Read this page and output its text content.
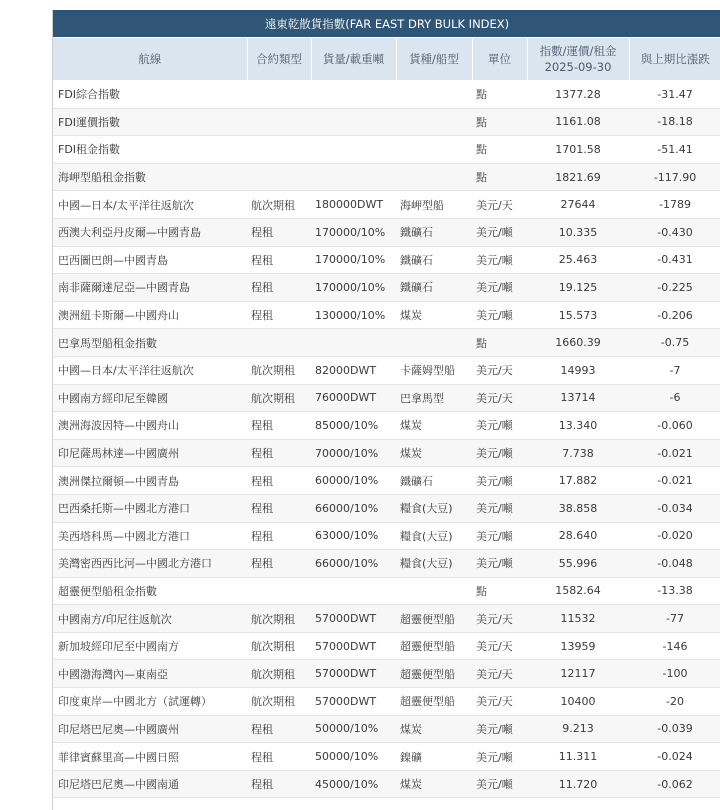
遠東乾散貨指數(FAR EAST DRY BULK INDEX)
航線	合約類型	貨量/載重噸	貨種/船型	單位	指數/運價/租金
2025-09-30	與上期比漲跌
FDI綜合指數				點	1377.28	-31.47
FDI運價指數				點	1161.08	-18.18
FDI租金指數				點	1701.58	-51.41
海岬型船租金指數				點	1821.69	-117.90
中國—日本/太平洋往返航次	航次期租	180000DWT	海岬型船	美元/天	27644	-1789
西澳大利亞丹皮爾—中國青島	程租	170000/10%	鐵礦石	美元/噸	10.335	-0.430
巴西圖巴朗—中國青島	程租	170000/10%	鐵礦石	美元/噸	25.463	-0.431
南非薩爾達尼亞—中國青島	程租	170000/10%	鐵礦石	美元/噸	19.125	-0.225
澳洲紐卡斯爾—中國舟山	程租	130000/10%	煤炭	美元/噸	15.573	-0.206
巴拿馬型船租金指數				點	1660.39	-0.75
中國—日本/太平洋往返航次	航次期租	82000DWT	卡薩姆型船	美元/天	14993	-7
中國南方經印尼至韓國	航次期租	76000DWT	巴拿馬型	美元/天	13714	-6
澳洲海波因特—中國舟山	程租	85000/10%	煤炭	美元/噸	13.340	-0.060
印尼薩馬林達—中國廣州	程租	70000/10%	煤炭	美元/噸	7.738	-0.021
澳洲傑拉爾頓—中國青島	程租	60000/10%	鐵礦石	美元/噸	17.882	-0.021
巴西桑托斯—中國北方港口	程租	66000/10%	糧食(大豆)	美元/噸	38.858	-0.034
美西塔科馬—中國北方港口	程租	63000/10%	糧食(大豆)	美元/噸	28.640	-0.020
美灣密西西比河—中國北方港口	程租	66000/10%	糧食(大豆)	美元/噸	55.996	-0.048
超靈便型船租金指數				點	1582.64	-13.38
中國南方/印尼往返航次	航次期租	57000DWT	超靈便型船	美元/天	11532	-77
新加坡經印尼至中國南方	航次期租	57000DWT	超靈便型船	美元/天	13959	-146
中國渤海灣內—東南亞	航次期租	57000DWT	超靈便型船	美元/天	12117	-100
印度東岸—中國北方（試運轉）	航次期租	57000DWT	超靈便型船	美元/天	10400	-20
印尼塔巴尼奧—中國廣州	程租	50000/10%	煤炭	美元/噸	9.213	-0.039
菲律賓蘇里高—中國日照	程租	50000/10%	鎳礦	美元/噸	11.311	-0.024
印尼塔巴尼奧—中國南通	程租	45000/10%	煤炭	美元/噸	11.720	-0.062
